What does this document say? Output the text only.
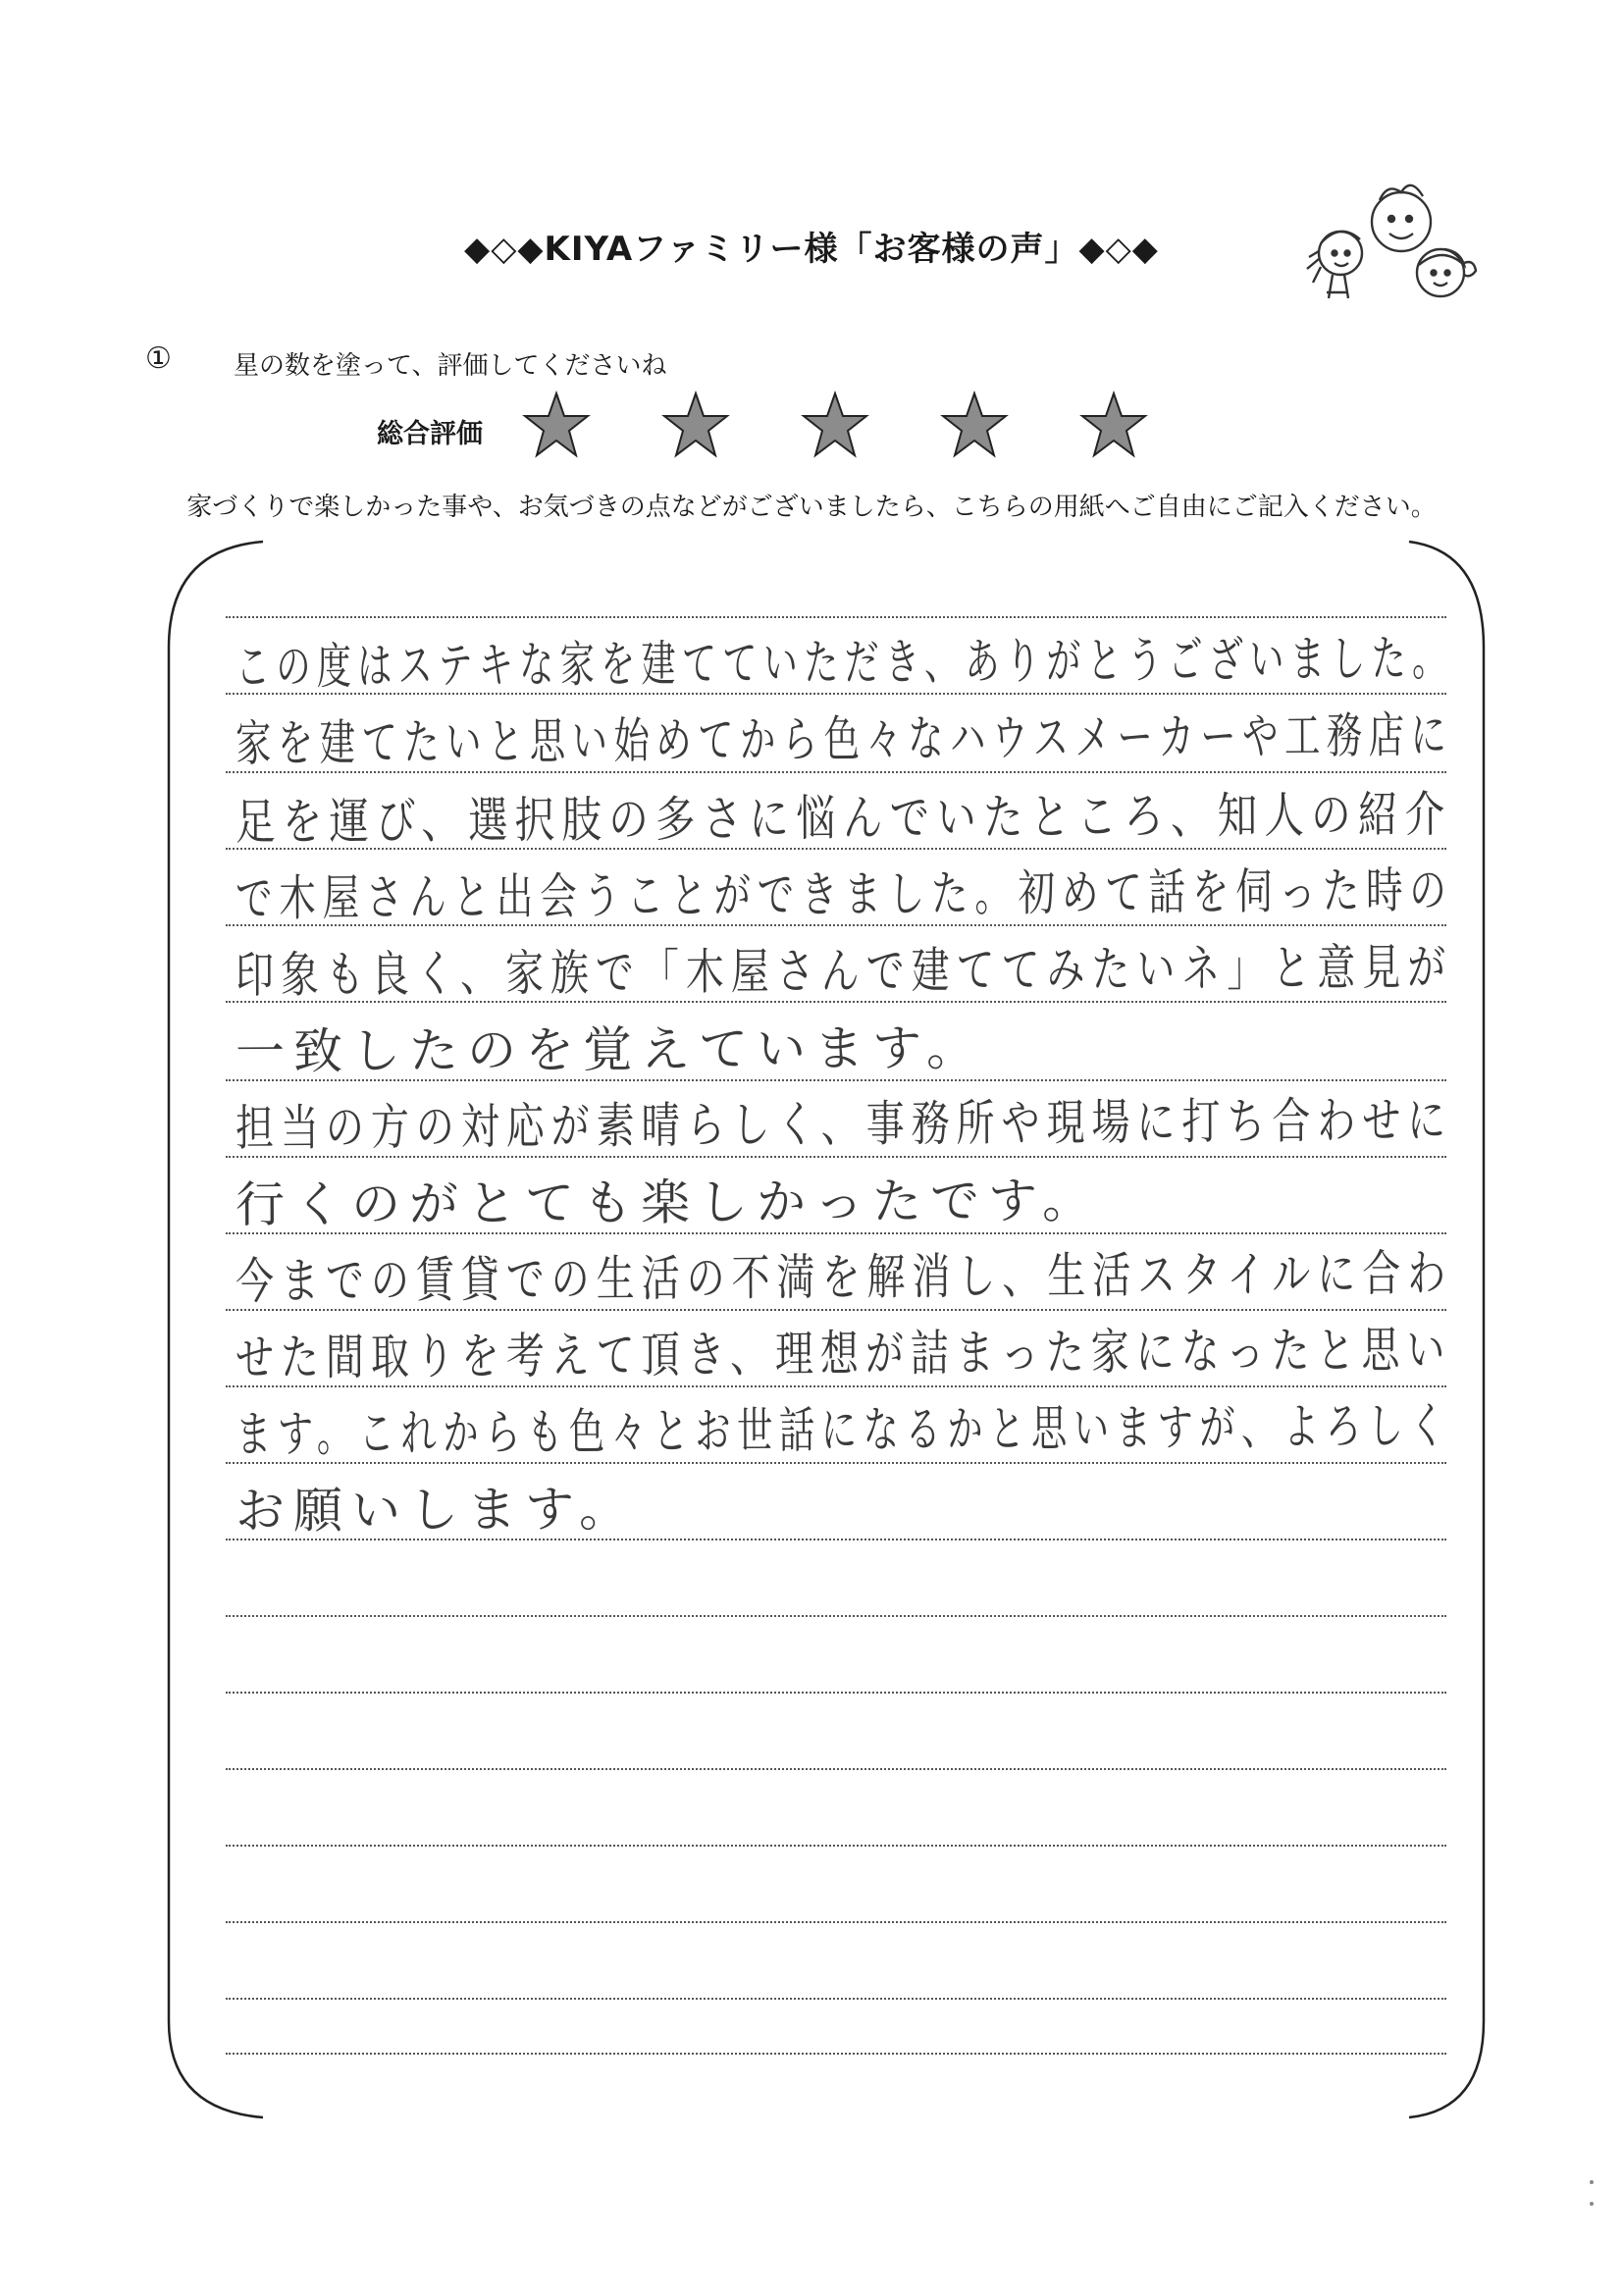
◆◇◆KIYAファミリー様「お客様の声」◆◇◆
① 星の数を塗って、評価してくださいね
総合評価
家づくりで楽しかった事や、お気づきの点などがございましたら、こちらの用紙へご自由にご記入ください。
この度はステキな家を建てていただき、ありがとうございました。
家を建てたいと思い始めてから色々なハウスメーカーや工務店に
足を運び、選択肢の多さに悩んでいたところ、知人の紹介
で木屋さんと出会うことができました。初めて話を伺った時の
印象も良く、家族で「木屋さんで建ててみたいネ」と意見が
一致したのを覚えています。
担当の方の対応が素晴らしく、事務所や現場に打ち合わせに
行くのがとても楽しかったです。
今までの賃貸での生活の不満を解消し、生活スタイルに合わ
せた間取りを考えて頂き、理想が詰まった家になったと思い
ます。これからも色々とお世話になるかと思いますが、よろしく
お願いします。
